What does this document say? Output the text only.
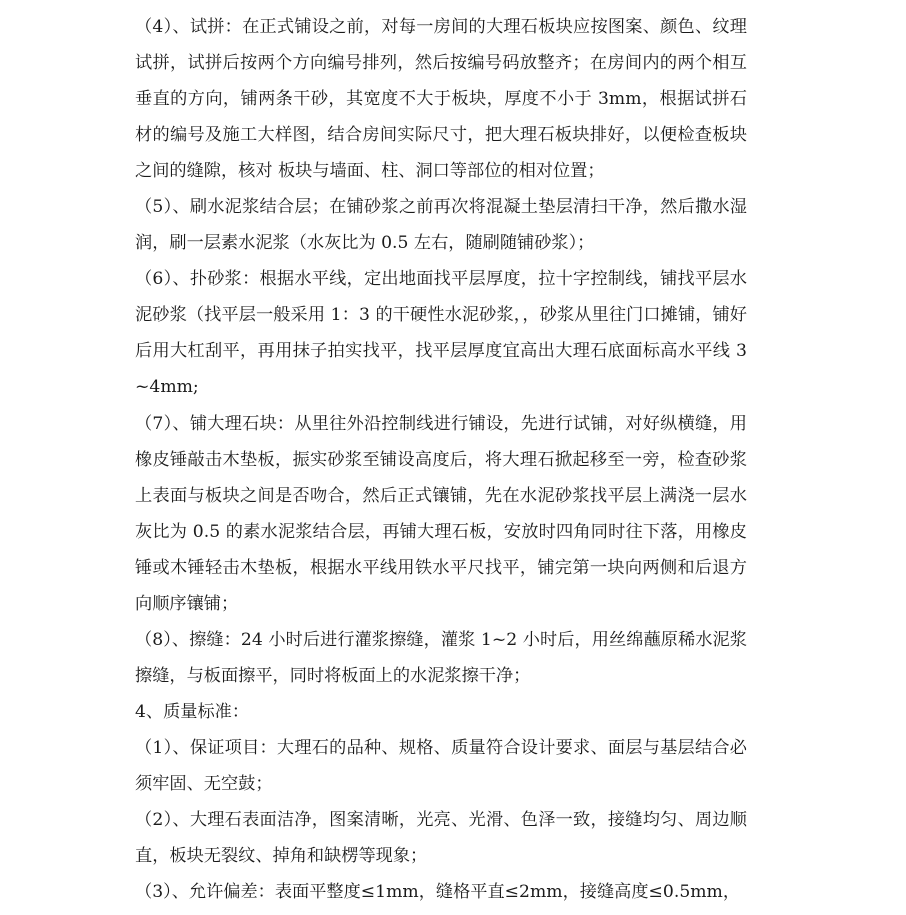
（4）、试拼：在正式铺设之前，对每一房间的大理石板块应按图案、颜色、纹理试拼，试拼后按两个方向编号排列，然后按编号码放整齐；在房间内的两个相互垂直的方向，铺两条干砂，其宽度不大于板块，厚度不小于 3mm，根据试拼石材的编号及施工大样图，结合房间实际尺寸，把大理石板块排好，以便检查板块之间的缝隙，核对 板块与墙面、柱、洞口等部位的相对位置；

（5）、刷水泥浆结合层；在铺砂浆之前再次将混凝土垫层清扫干净，然后撒水湿润，刷一层素水泥浆（水灰比为 0.5 左右，随刷随铺砂浆）；

（6）、扑砂浆：根据水平线，定出地面找平层厚度，拉十字控制线，铺找平层水泥砂浆（找平层一般采用 1：3 的干硬性水泥砂浆，，砂浆从里往门口摊铺，铺好后用大杠刮平，再用抹子拍实找平，找平层厚度宜高出大理石底面标高水平线 3~4mm;

（7）、铺大理石块：从里往外沿控制线进行铺设，先进行试铺，对好纵横缝，用橡皮锤敲击木垫板，振实砂浆至铺设高度后，将大理石掀起移至一旁，检查砂浆上表面与板块之间是否吻合，然后正式镶铺，先在水泥砂浆找平层上满浇一层水灰比为 0.5 的素水泥浆结合层，再铺大理石板，安放时四角同时往下落，用橡皮锤或木锤轻击木垫板，根据水平线用铁水平尺找平，铺完第一块向两侧和后退方向顺序镶铺；

（8）、擦缝：24 小时后进行灌浆擦缝，灌浆 1~2 小时后，用丝绵蘸原稀水泥浆擦缝，与板面擦平，同时将板面上的水泥浆擦干净；

4、质量标准：

（1）、保证项目：大理石的品种、规格、质量符合设计要求、面层与基层结合必须牢固、无空鼓；

（2）、大理石表面洁净，图案清晰，光亮、光滑、色泽一致，接缝均匀、周边顺直，板块无裂纹、掉角和缺楞等现象；

（3）、允许偏差：表面平整度≤1mm，缝格平直≤2mm，接缝高度≤0.5mm，
